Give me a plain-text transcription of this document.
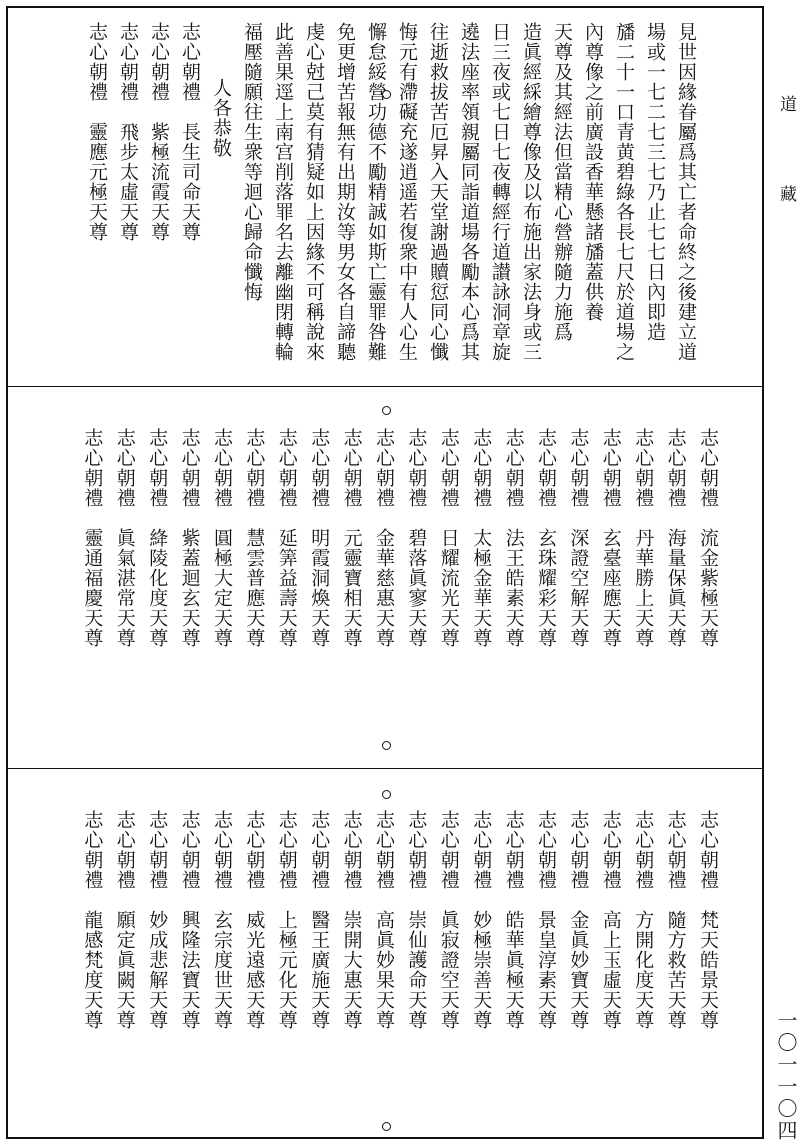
見世因緣眷屬爲其亡者命終之後建立道
場或一七二七三七乃止七七日內即造
旙二十一口青黄碧綠各長七尺於道場之
內尊像之前廣設香華懸諸旙蓋供養
天尊及其經法但當精心營辦隨力施爲
造眞經綵繪尊像及以布施出家法身或三
日三夜或七日七夜轉經行道讃詠洞章旋
遶法座率領親屬同詣道場各勵本心爲其
往逝救拔苦厄昇入天堂謝過贖愆同心懺
悔元有滯礙充遂逍遥若復衆中有人心生
懈怠綏營功德不勵精誠如斯亡靈罪咎難
免更增苦報無有出期汝等男女各自諦聽
虔心尅己莫有猜疑如上因緣不可稱說來
此善果逕上南宫削落罪名去離幽閉轉輪
福壓隨願往生衆等迴心歸命懺悔
人各恭敬
志心朝禮　長生司命天尊
志心朝禮　紫極流霞天尊
志心朝禮　飛步太虛天尊
志心朝禮　靈應元極天尊
志心朝禮　流金紫極天尊
志心朝禮　海量保眞天尊
志心朝禮　丹華勝上天尊
志心朝禮　玄臺座應天尊
志心朝禮　深證空解天尊
志心朝禮　玄珠耀彩天尊
志心朝禮　法王皓素天尊
志心朝禮　太極金華天尊
志心朝禮　日耀流光天尊
志心朝禮　碧落眞寥天尊
志心朝禮　金華慈惠天尊
志心朝禮　元靈寶相天尊
志心朝禮　明霞洞煥天尊
志心朝禮　延筭益壽天尊
志心朝禮　慧雲普應天尊
志心朝禮　圓極大定天尊
志心朝禮　紫蓋迴玄天尊
志心朝禮　絳陵化度天尊
志心朝禮　眞氣湛常天尊
志心朝禮　靈通福慶天尊
志心朝禮　梵天皓景天尊
志心朝禮　隨方救苦天尊
志心朝禮　方開化度天尊
志心朝禮　高上玉虛天尊
志心朝禮　金眞妙寶天尊
志心朝禮　景皇淳素天尊
志心朝禮　皓華眞極天尊
志心朝禮　妙極崇善天尊
志心朝禮　眞寂證空天尊
志心朝禮　崇仙護命天尊
志心朝禮　高眞妙果天尊
志心朝禮　崇開大惠天尊
志心朝禮　醫王廣施天尊
志心朝禮　上極元化天尊
志心朝禮　威光遠感天尊
志心朝禮　玄宗度世天尊
志心朝禮　興隆法寶天尊
志心朝禮　妙成悲解天尊
志心朝禮　願定眞闕天尊
志心朝禮　龍感梵度天尊
道
藏
一〇一一〇四
